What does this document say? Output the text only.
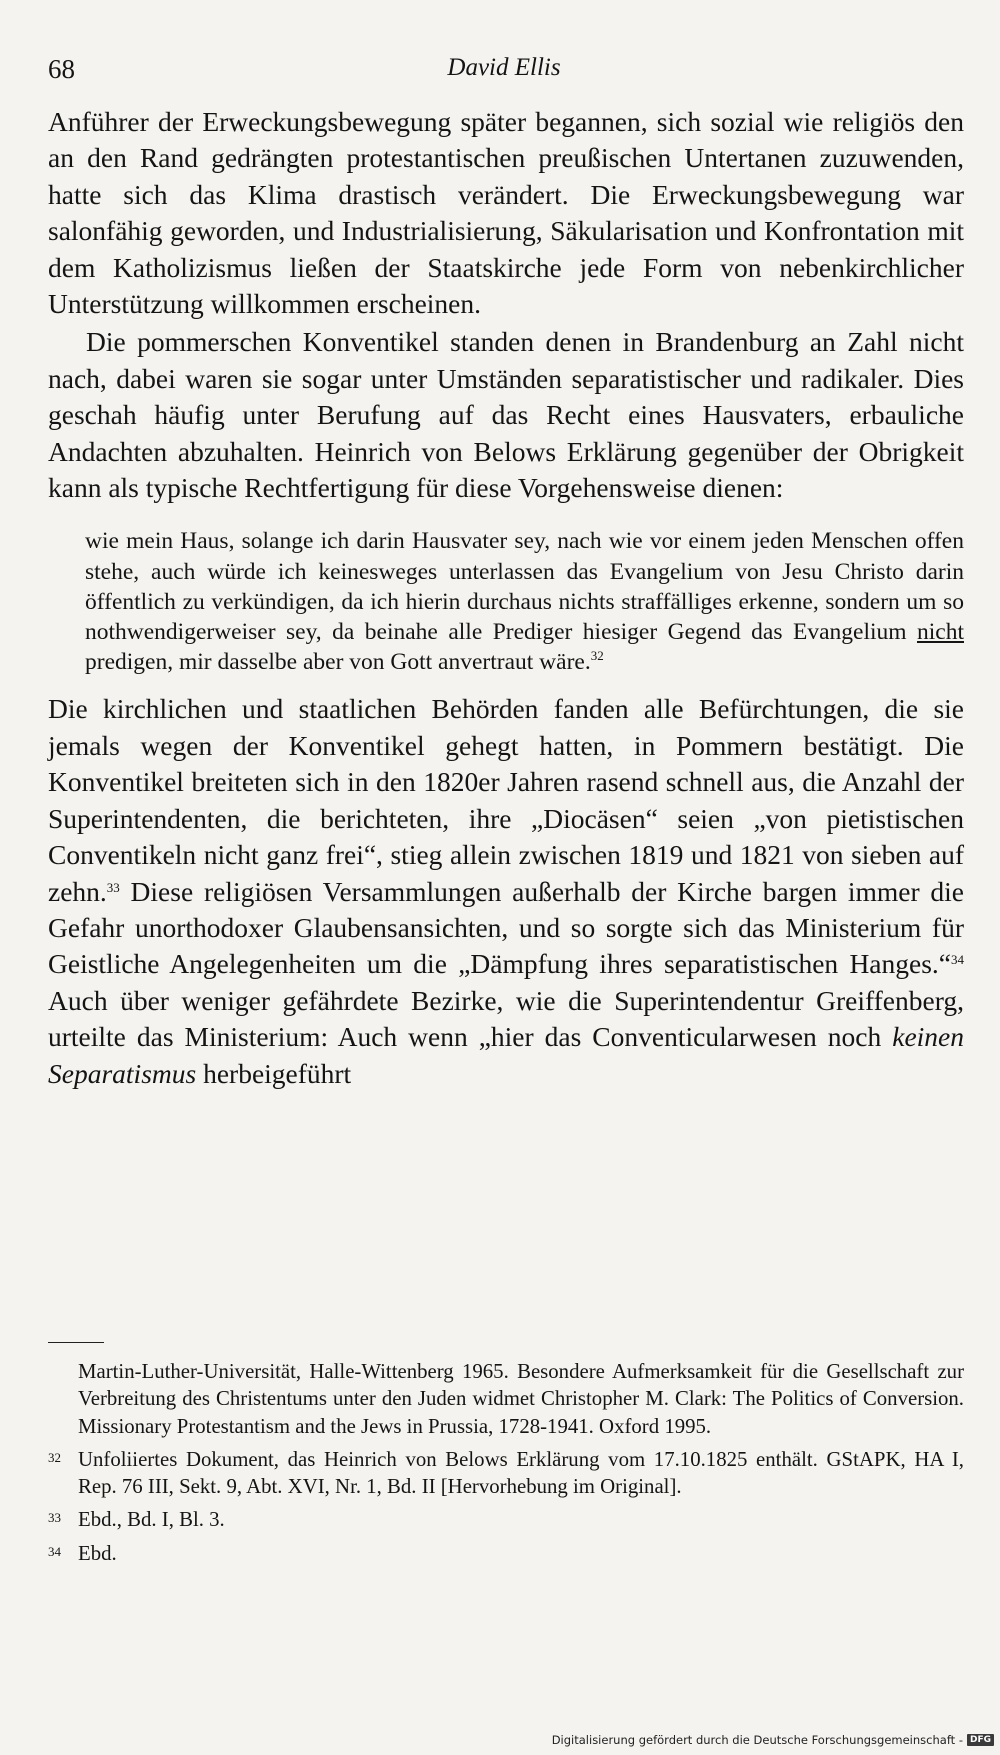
68	David Ellis

Anführer der Erweckungsbewegung später begannen, sich sozial wie religiös den an den Rand gedrängten protestantischen preußischen Untertanen zuzuwenden, hatte sich das Klima drastisch verändert. Die Erweckungsbewegung war salonfähig geworden, und Industrialisierung, Säkularisation und Konfrontation mit dem Katholizismus ließen der Staatskirche jede Form von nebenkirchlicher Unterstützung willkommen erscheinen.

Die pommerschen Konventikel standen denen in Brandenburg an Zahl nicht nach, dabei waren sie sogar unter Umständen separatistischer und radikaler. Dies geschah häufig unter Berufung auf das Recht eines Hausvaters, erbauliche Andachten abzuhalten. Heinrich von Belows Erklärung gegenüber der Obrigkeit kann als typische Rechtfertigung für diese Vorgehensweise dienen:

wie mein Haus, solange ich darin Hausvater sey, nach wie vor einem jeden Menschen offen stehe, auch würde ich keinesweges unterlassen das Evangelium von Jesu Christo darin öffentlich zu verkündigen, da ich hierin durchaus nichts straffälliges erkenne, sondern um so nothwendigerweiser sey, da beinahe alle Prediger hiesiger Gegend das Evangelium nicht predigen, mir dasselbe aber von Gott anvertraut wäre.$^{32}$

Die kirchlichen und staatlichen Behörden fanden alle Befürchtungen, die sie jemals wegen der Konventikel gehegt hatten, in Pommern bestätigt. Die Konventikel breiteten sich in den 1820er Jahren rasend schnell aus, die Anzahl der Superintendenten, die berichteten, ihre „Diocäsen“ seien „von pietistischen Conventikeln nicht ganz frei“, stieg allein zwischen 1819 und 1821 von sieben auf zehn.$^{33}$ Diese religiösen Versammlungen außerhalb der Kirche bargen immer die Gefahr unorthodoxer Glaubensansichten, und so sorgte sich das Ministerium für Geistliche Angelegenheiten um die „Dämpfung ihres separatistischen Hanges.“$^{34}$ Auch über weniger gefährdete Bezirke, wie die Superintendentur Greiffenberg, urteilte das Ministerium: Auch wenn „hier das Conventicularwesen noch keinen Separatismus herbeigeführt

Martin-Luther-Universität, Halle-Wittenberg 1965. Besondere Aufmerksamkeit für die Gesellschaft zur Verbreitung des Christentums unter den Juden widmet Christopher M. Clark: The Politics of Conversion. Missionary Protestantism and the Jews in Prussia, 1728-1941. Oxford 1995.
32 Unfoliiertes Dokument, das Heinrich von Belows Erklärung vom 17.10.1825 enthält. GStAPK, HA I, Rep. 76 III, Sekt. 9, Abt. XVI, Nr. 1, Bd. II [Hervorhebung im Original].
33 Ebd., Bd. I, Bl. 3.
34 Ebd.
Digitalisierung gefördert durch die Deutsche Forschungsgemeinschaft - DFG
